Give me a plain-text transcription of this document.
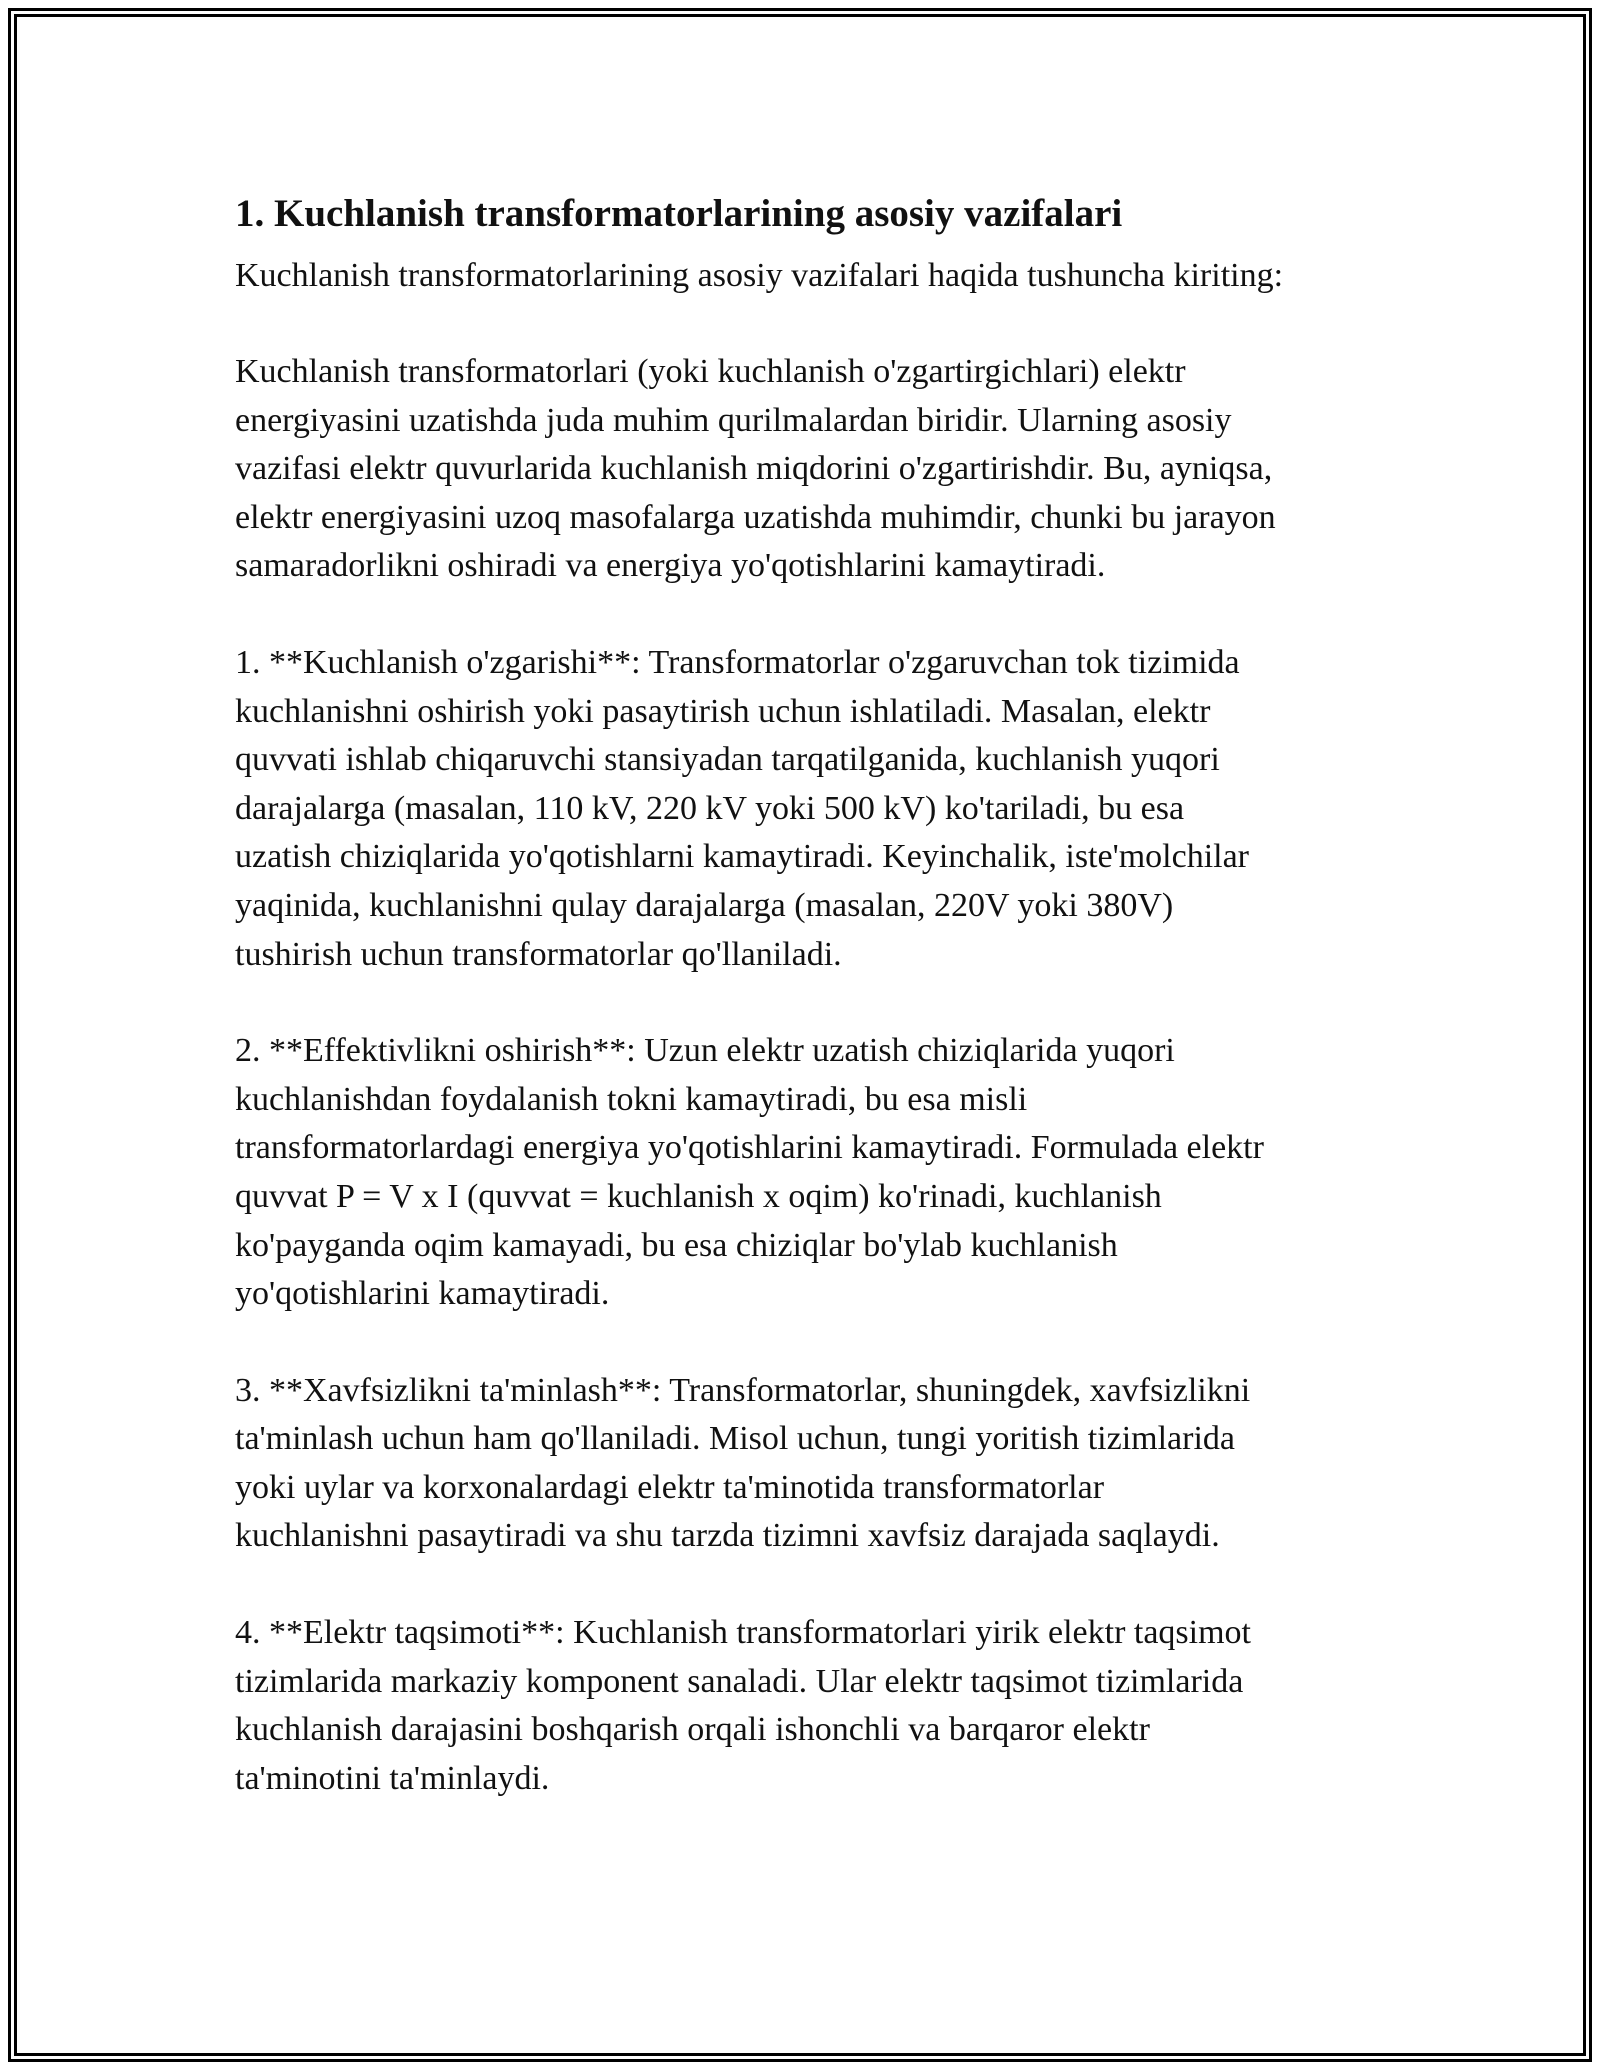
1. Kuchlanish transformatorlarining asosiy vazifalari

Kuchlanish transformatorlarining asosiy vazifalari haqida tushuncha kiriting:

Kuchlanish transformatorlari (yoki kuchlanish o'zgartirgichlari) elektr
energiyasini uzatishda juda muhim qurilmalardan biridir. Ularning asosiy
vazifasi elektr quvurlarida kuchlanish miqdorini o'zgartirishdir. Bu, ayniqsa,
elektr energiyasini uzoq masofalarga uzatishda muhimdir, chunki bu jarayon
samaradorlikni oshiradi va energiya yo'qotishlarini kamaytiradi.

1. **Kuchlanish o'zgarishi**: Transformatorlar o'zgaruvchan tok tizimida
kuchlanishni oshirish yoki pasaytirish uchun ishlatiladi. Masalan, elektr
quvvati ishlab chiqaruvchi stansiyadan tarqatilganida, kuchlanish yuqori
darajalarga (masalan, 110 kV, 220 kV yoki 500 kV) ko'tariladi, bu esa
uzatish chiziqlarida yo'qotishlarni kamaytiradi. Keyinchalik, iste'molchilar
yaqinida, kuchlanishni qulay darajalarga (masalan, 220V yoki 380V)
tushirish uchun transformatorlar qo'llaniladi.

2. **Effektivlikni oshirish**: Uzun elektr uzatish chiziqlarida yuqori
kuchlanishdan foydalanish tokni kamaytiradi, bu esa misli
transformatorlardagi energiya yo'qotishlarini kamaytiradi. Formulada elektr
quvvat P = V x I (quvvat = kuchlanish x oqim) ko'rinadi, kuchlanish
ko'payganda oqim kamayadi, bu esa chiziqlar bo'ylab kuchlanish
yo'qotishlarini kamaytiradi.

3. **Xavfsizlikni ta'minlash**: Transformatorlar, shuningdek, xavfsizlikni
ta'minlash uchun ham qo'llaniladi. Misol uchun, tungi yoritish tizimlarida
yoki uylar va korxonalardagi elektr ta'minotida transformatorlar
kuchlanishni pasaytiradi va shu tarzda tizimni xavfsiz darajada saqlaydi.

4. **Elektr taqsimoti**: Kuchlanish transformatorlari yirik elektr taqsimot
tizimlarida markaziy komponent sanaladi. Ular elektr taqsimot tizimlarida
kuchlanish darajasini boshqarish orqali ishonchli va barqaror elektr
ta'minotini ta'minlaydi.
